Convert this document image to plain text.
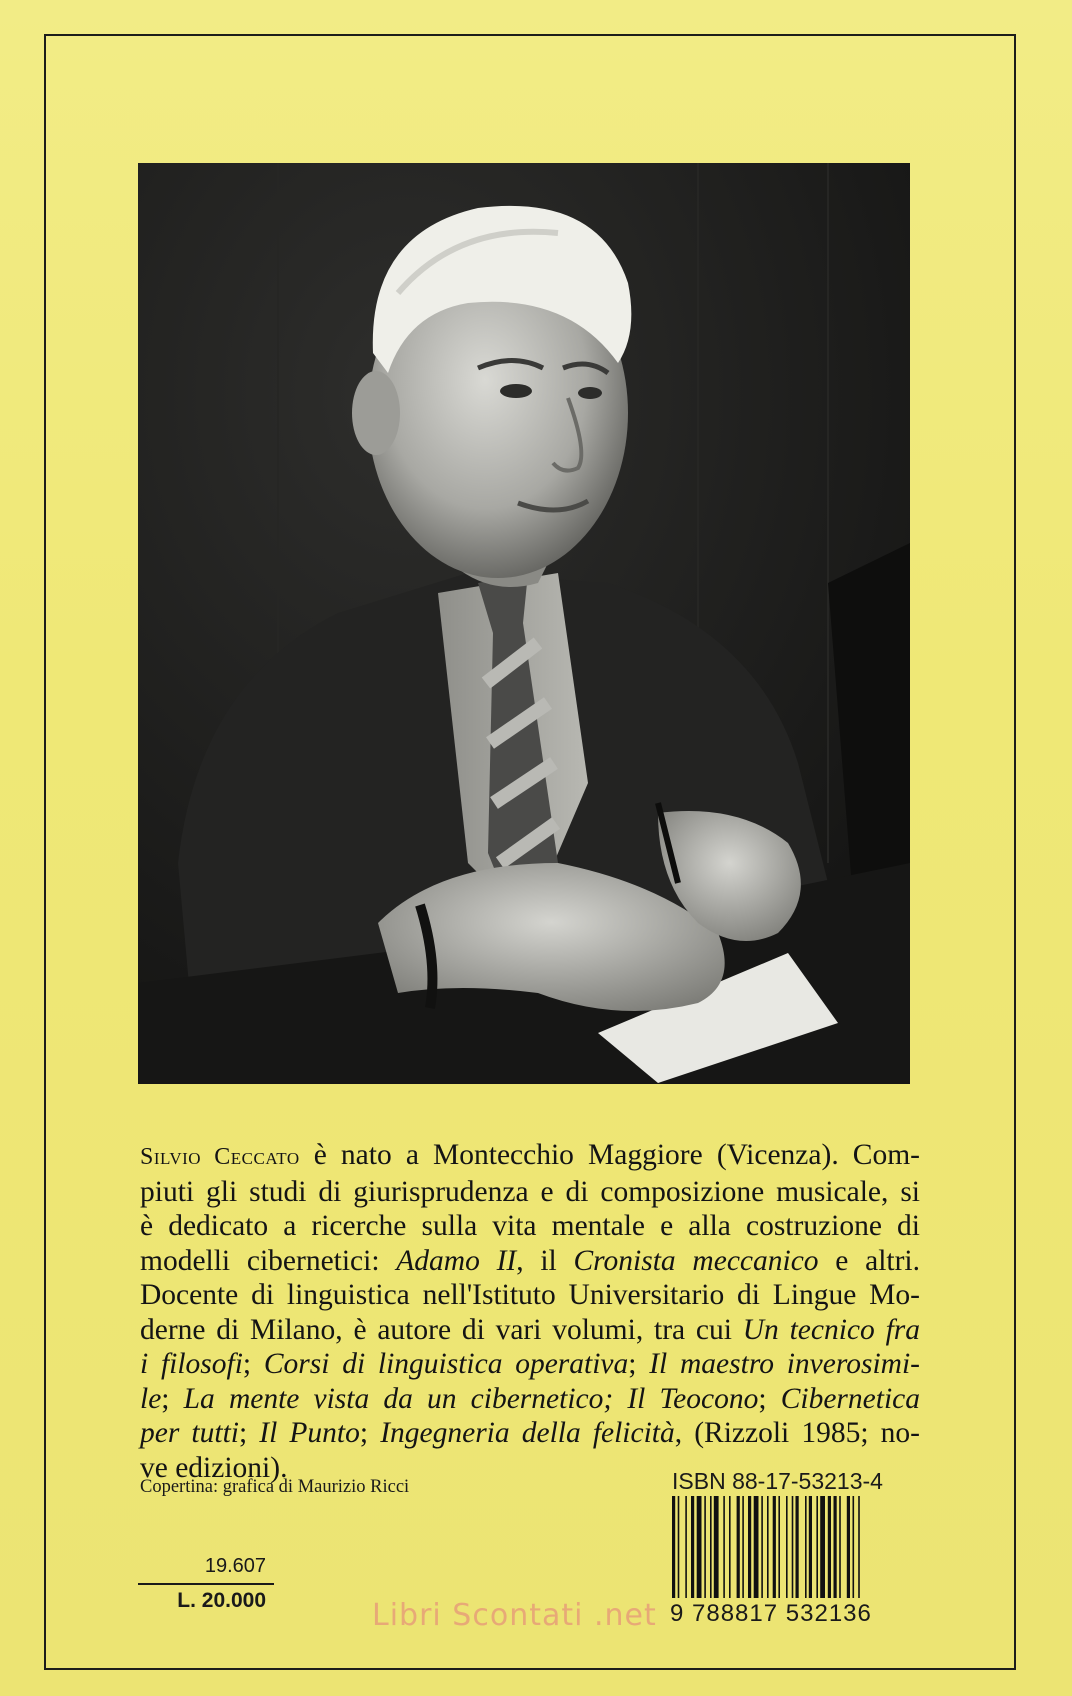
Silvio Ceccato è nato a Montecchio Maggiore (Vicenza). Com-
piuti gli studi di giurisprudenza e di composizione musicale, si
è dedicato a ricerche sulla vita mentale e alla costruzione di
modelli cibernetici: Adamo II, il Cronista meccanico e altri.
Docente di linguistica nell'Istituto Universitario di Lingue Mo-
derne di Milano, è autore di vari volumi, tra cui Un tecnico fra
i filosofi; Corsi di linguistica operativa; Il maestro inverosimi-
le; La mente vista da un cibernetico; Il Teocono; Cibernetica
per tutti; Il Punto; Ingegneria della felicità, (Rizzoli 1985; no-
ve edizioni).
Copertina: grafica di Maurizio Ricci	ISBN 88-17-53213-4
9 788817 532136
19.607
L. 20.000	Libri Scontati .net
